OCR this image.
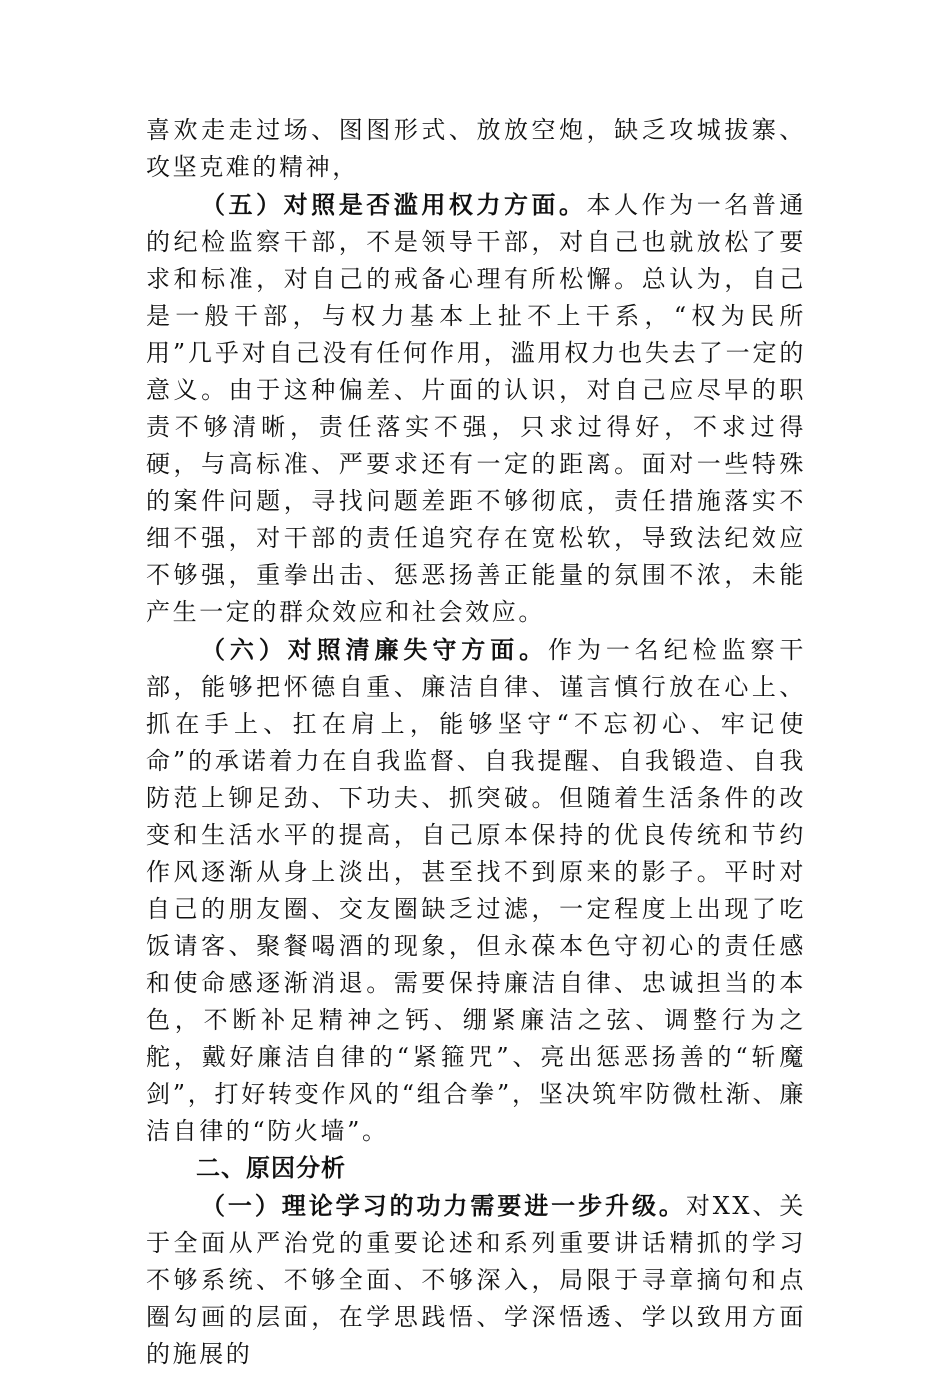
喜欢走走过场、图图形式、放放空炮，缺乏攻城拔寨、攻坚克难的精神，

（五）对照是否滥用权力方面。本人作为一名普通的纪检监察干部，不是领导干部，对自己也就放松了要求和标准，对自己的戒备心理有所松懈。总认为，自己是一般干部，与权力基本上扯不上干系，“权为民所用”几乎对自己没有任何作用，滥用权力也失去了一定的意义。由于这种偏差、片面的认识，对自己应尽早的职责不够清晰，责任落实不强，只求过得好，不求过得硬，与高标准、严要求还有一定的距离。面对一些特殊的案件问题，寻找问题差距不够彻底，责任措施落实不细不强，对干部的责任追究存在宽松软，导致法纪效应不够强，重拳出击、惩恶扬善正能量的氛围不浓，未能产生一定的群众效应和社会效应。

（六）对照清廉失守方面。作为一名纪检监察干部，能够把怀德自重、廉洁自律、谨言慎行放在心上、抓在手上、扛在肩上，能够坚守“不忘初心、牢记使命”的承诺着力在自我监督、自我提醒、自我锻造、自我防范上铆足劲、下功夫、抓突破。但随着生活条件的改变和生活水平的提高，自己原本保持的优良传统和节约作风逐渐从身上淡出，甚至找不到原来的影子。平时对自己的朋友圈、交友圈缺乏过滤，一定程度上出现了吃饭请客、聚餐喝酒的现象，但永葆本色守初心的责任感和使命感逐渐消退。需要保持廉洁自律、忠诚担当的本色，不断补足精神之钙、绷紧廉洁之弦、调整行为之舵，戴好廉洁自律的“紧箍咒”、亮出惩恶扬善的“斩魔剑”，打好转变作风的“组合拳”，坚决筑牢防微杜渐、廉洁自律的“防火墙”。

二、原因分析

（一）理论学习的功力需要进一步升级。对XX、关于全面从严治党的重要论述和系列重要讲话精抓的学习不够系统、不够全面、不够深入，局限于寻章摘句和点圈勾画的层面，在学思践悟、学深悟透、学以致用方面的施展的
